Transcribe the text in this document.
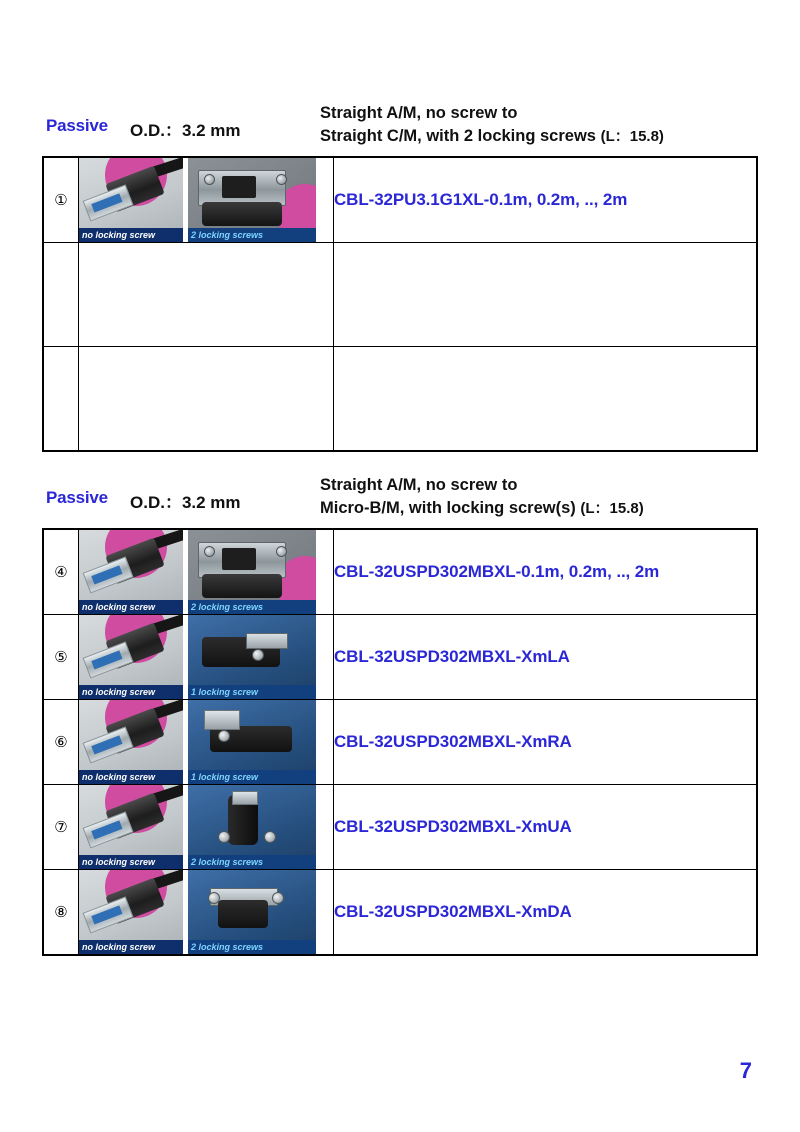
Passive O.D.：3.2 mm
Straight A/M, no screw to
Straight C/M, with 2 locking screws (L：15.8)
①	no locking screw 2 locking screws	CBL-32PU3.1G1XL-0.1m, 0.2m, .., 2m

Passive O.D.：3.2 mm
Straight A/M, no screw to
Micro-B/M, with locking screw(s) (L：15.8)
④	no locking screw 2 locking screws	CBL-32USPD302MBXL-0.1m, 0.2m, .., 2m
⑤	no locking screw 1 locking screw	CBL-32USPD302MBXL-XmLA
⑥	no locking screw 1 locking screw	CBL-32USPD302MBXL-XmRA
⑦	no locking screw 2 locking screws	CBL-32USPD302MBXL-XmUA
⑧	no locking screw 2 locking screws	CBL-32USPD302MBXL-XmDA
7
